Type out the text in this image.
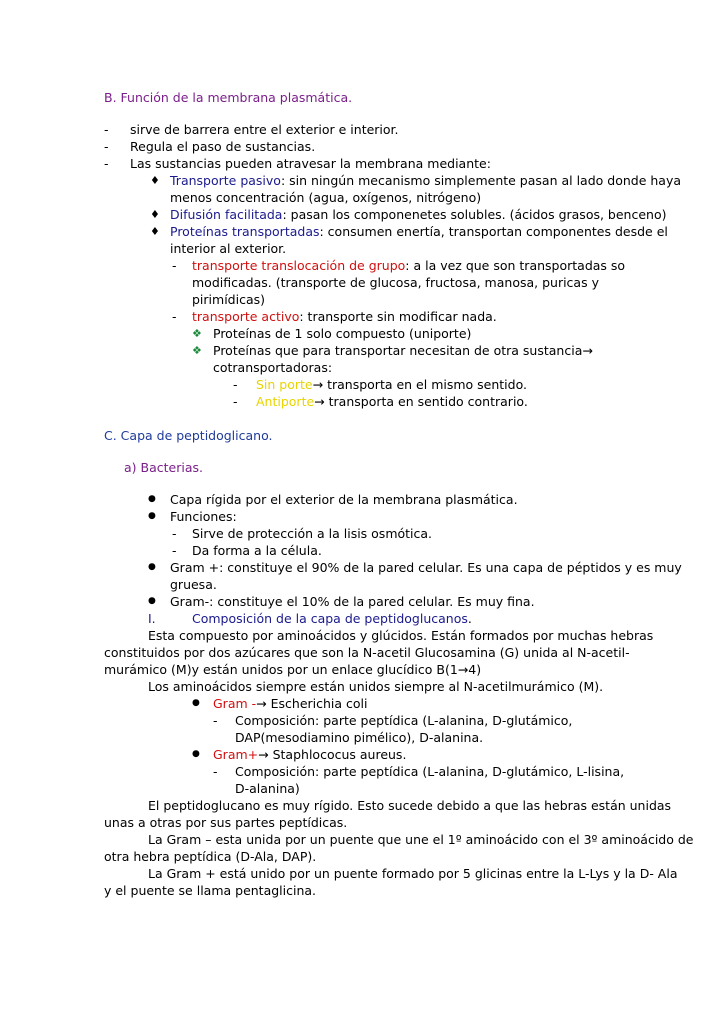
B. Función de la membrana plasmática.
- sirve de barrera entre el exterior e interior.
- Regula el paso de sustancias.
- Las sustancias pueden atravesar la membrana mediante:
♦ Transporte pasivo: sin ningún mecanismo simplemente pasan al lado donde haya
menos concentración (agua, oxígenos, nitrógeno)
♦ Difusión facilitada: pasan los componenetes solubles. (ácidos grasos, benceno)
♦ Proteínas transportadas: consumen enertía, transportan componentes desde el
interior al exterior.
- transporte translocación de grupo: a la vez que son transportadas so
modificadas. (transporte de glucosa, fructosa, manosa, puricas y
pirimídicas)
- transporte activo: transporte sin modificar nada.
❖ Proteínas de 1 solo compuesto (uniporte)
❖ Proteínas que para transportar necesitan de otra sustancia→
cotransportadoras:
- Sin porte→ transporta en el mismo sentido.
- Antiporte→ transporta en sentido contrario.
C. Capa de peptidoglicano.
a) Bacterias.
● Capa rígida por el exterior de la membrana plasmática.
● Funciones:
- Sirve de protección a la lisis osmótica.
- Da forma a la célula.
● Gram +: constituye el 90% de la pared celular. Es una capa de péptidos y es muy
gruesa.
● Gram-: constituye el 10% de la pared celular. Es muy fina.
I.	Composición de la capa de peptidoglucanos.
Esta compuesto por aminoácidos y glúcidos. Están formados por muchas hebras
constituidos por dos azúcares que son la N-acetil Glucosamina (G) unida al N-acetil-
murámico (M)y están unidos por un enlace glucídico B(1→4)
Los aminoácidos siempre están unidos siempre al N-acetilmurámico (M).
● Gram -→ Escherichia coli
- Composición: parte peptídica (L-alanina, D-glutámico,
DAP(mesodiamino pimélico), D-alanina.
● Gram+→ Staphlococus aureus.
- Composición: parte peptídica (L-alanina, D-glutámico, L-lisina,
D-alanina)
El peptidoglucano es muy rígido. Esto sucede debido a que las hebras están unidas
unas a otras por sus partes peptídicas.
La Gram – esta unida por un puente que une el 1º aminoácido con el 3º aminoácido de
otra hebra peptídica (D-Ala, DAP).
La Gram + está unido por un puente formado por 5 glicinas entre la L-Lys y la D- Ala
y el puente se llama pentaglicina.
